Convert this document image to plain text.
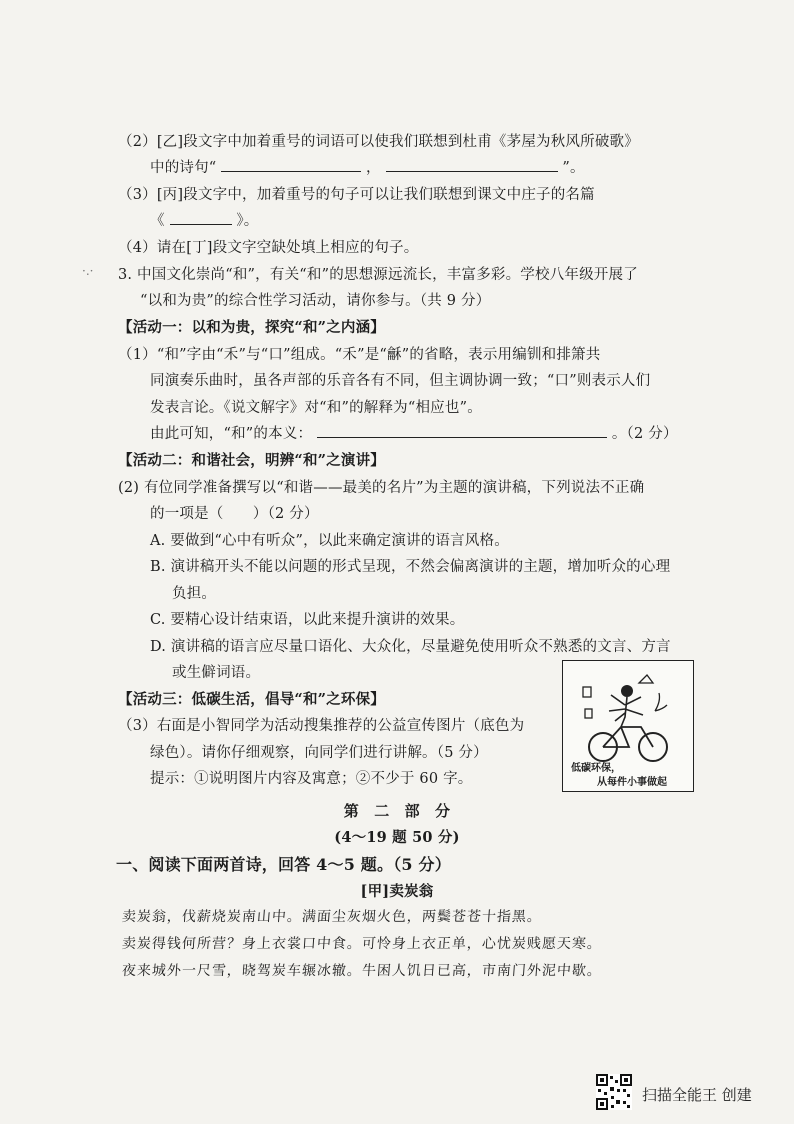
（2）[乙]段文字中加着重号的词语可以使我们联想到杜甫《茅屋为秋风所破歌》
中的诗句“	，	”。
（3）[丙]段文字中，加着重号的句子可以让我们联想到课文中庄子的名篇
《	》。
（4）请在[丁]段文字空缺处填上相应的句子。
·.· 3. 中国文化崇尚“和”，有关“和”的思想源远流长，丰富多彩。学校八年级开展了
“以和为贵”的综合性学习活动，请你参与。（共 9 分）
【活动一：以和为贵，探究“和”之内涵】
（1）“和”字由“禾”与“口”组成。“禾”是“龢”的省略，表示用编钏和排箫共
同演奏乐曲时，虽各声部的乐音各有不同，但主调协调一致；“口”则表示人们
发表言论。《说文解字》对“和”的解释为“相应也”。
由此可知，“和”的本义：	。（2 分）
【活动二：和谐社会，明辨“和”之演讲】
(2) 有位同学准备撰写以“和谐——最美的名片”为主题的演讲稿，下列说法不正确
的一项是（　　）（2 分）
A. 要做到“心中有听众”，以此来确定演讲的语言风格。
B. 演讲稿开头不能以问题的形式呈现，不然会偏离演讲的主题，增加听众的心理
负担。
C. 要精心设计结束语，以此来提升演讲的效果。
D. 演讲稿的语言应尽量口语化、大众化，尽量避免使用听众不熟悉的文言、方言
或生僻词语。
【活动三：低碳生活，倡导“和”之环保】
（3）右面是小智同学为活动搜集推荐的公益宣传图片（底色为
绿色）。请你仔细观察，向同学们进行讲解。（5 分）
提示：①说明图片内容及寓意；②不少于 60 字。
低碳环保，
从每件小事做起
第　二　部　分
(4～19 题 50 分)
一、阅读下面两首诗，回答 4～5 题。（5 分）
[甲]卖炭翁
卖炭翁，伐薪烧炭南山中。满面尘灰烟火色，两鬓苍苍十指黑。
卖炭得钱何所营？身上衣裳口中食。可怜身上衣正单，心忧炭贱愿天寒。
夜来城外一尺雪，晓驾炭车辗冰辙。牛困人饥日已高，市南门外泥中歇。
扫描全能王 创建
